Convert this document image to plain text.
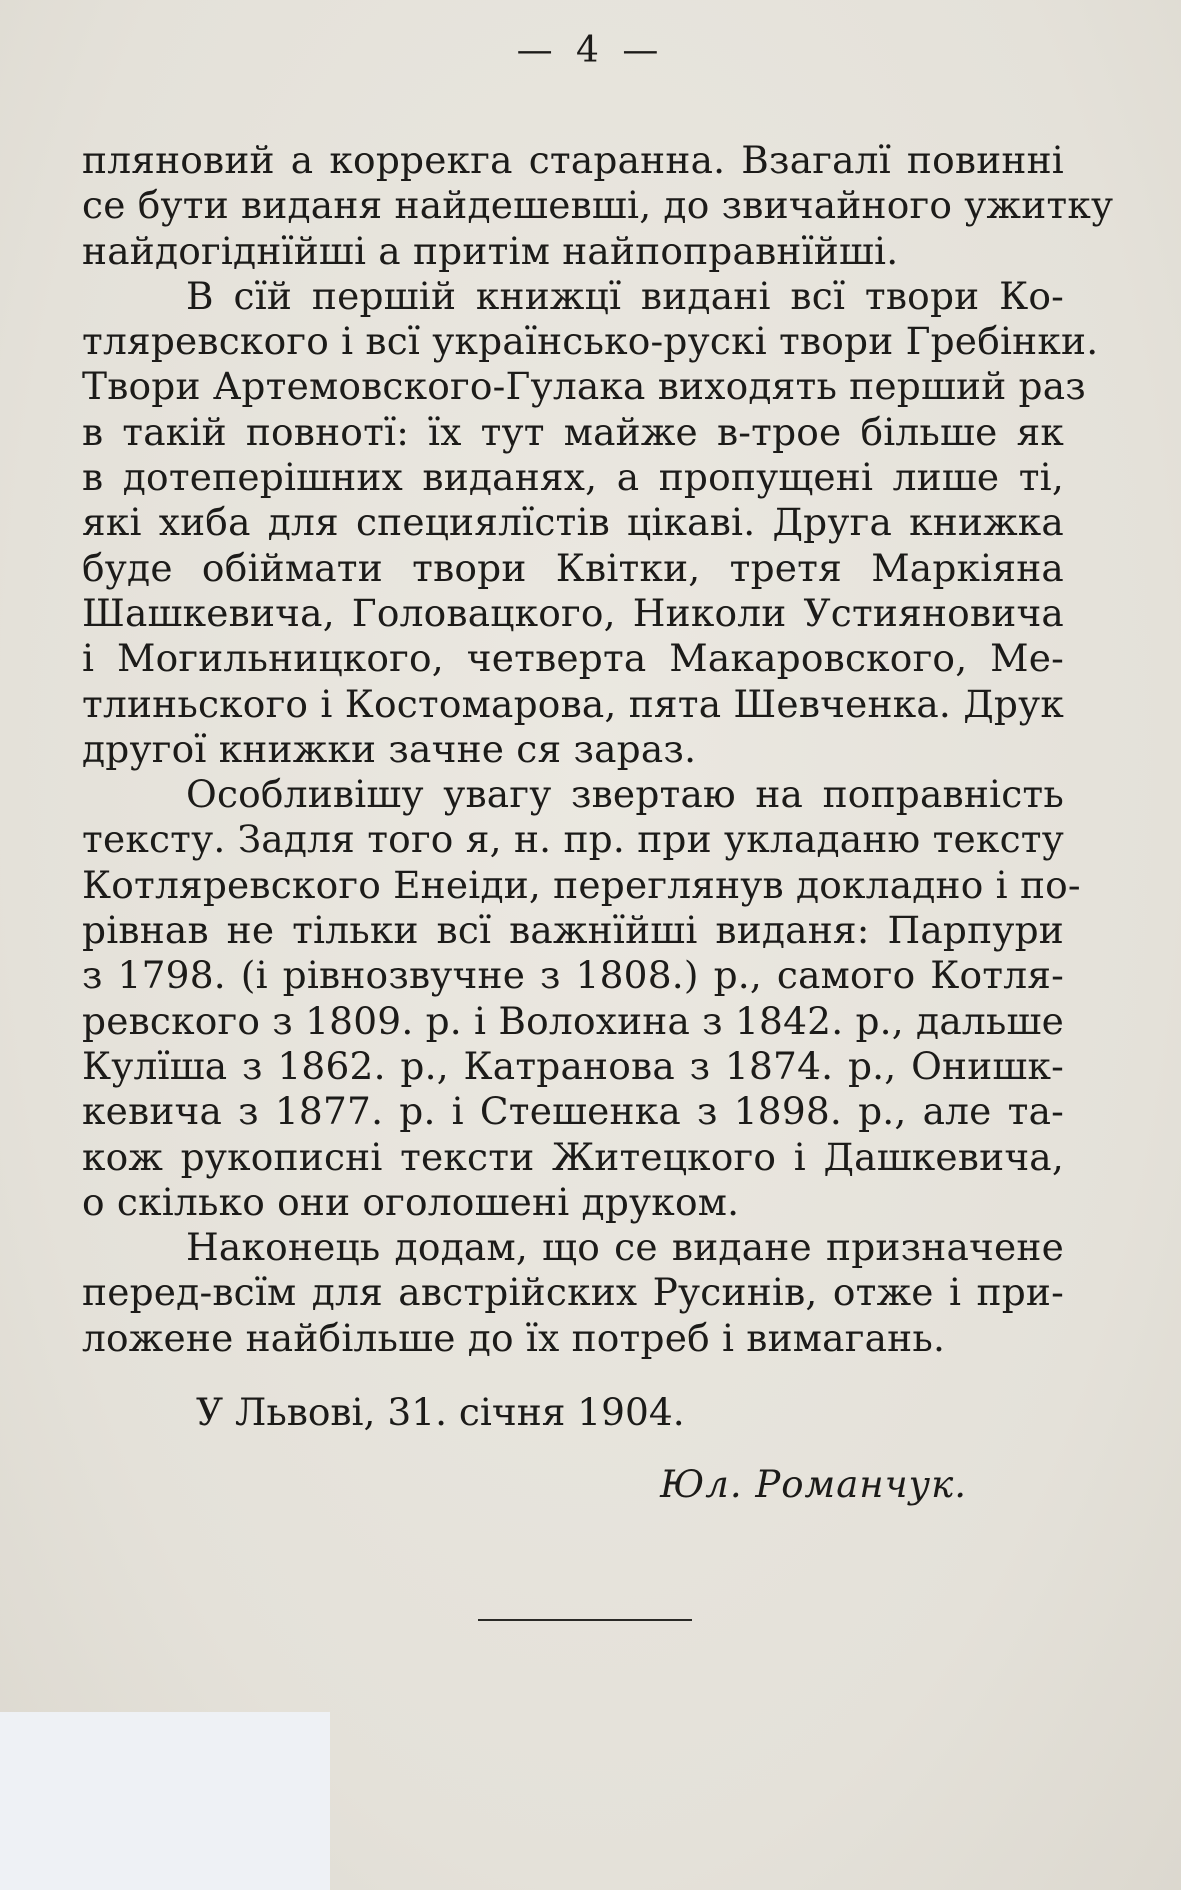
— 4 —
пляновий а коррекгa старанна. Взагалї повинні
се бути виданя найдешевші, до звичайного ужитку
найдогіднїйші а притім найпоправнїйші.
В сїй першій книжцї видані всї твори Ко-
тляревского і всї українсько-рускі твори Гребінки.
Твори Артемовского-Гулака виходять перший раз
в такій повнотї: їх тут майже в-трое більше як
в дотеперішних виданях, а пропущені лише ті,
які хиба для специялїстів цікаві. Друга книжка
буде обіймати твори Квітки, третя Маркіяна
Шашкевича, Головацкого, Николи Устияновича
і Могильницкого, четверта Макаровского, Ме-
тлиньского і Костомарова, пята Шевченка. Друк
другої книжки зачне ся зараз.
Особливішу увагу звертаю на поправність
тексту. Задля того я, н. пр. при укладаню тексту
Котляревского Енеіди, переглянув докладно і по-
рівнав не тільки всї важнїйші виданя: Парпури
з 1798. (і рівнозвучне з 1808.) р., самого Котля-
ревского з 1809. р. і Волохина з 1842. р., дальше
Кулїша з 1862. р., Катранова з 1874. р., Онишк-
кевича з 1877. р. і Стешенка з 1898. р., але та-
кож рукописні тексти Житецкого і Дашкевича,
о скілько они оголошені друком.
Наконець додам, що се видане призначене
перед-всїм для австрійских Русинів, отже і при-
ложене найбільше до їх потреб і вимагань.
У Львові, 31. січня 1904.
Юл. Романчук.
